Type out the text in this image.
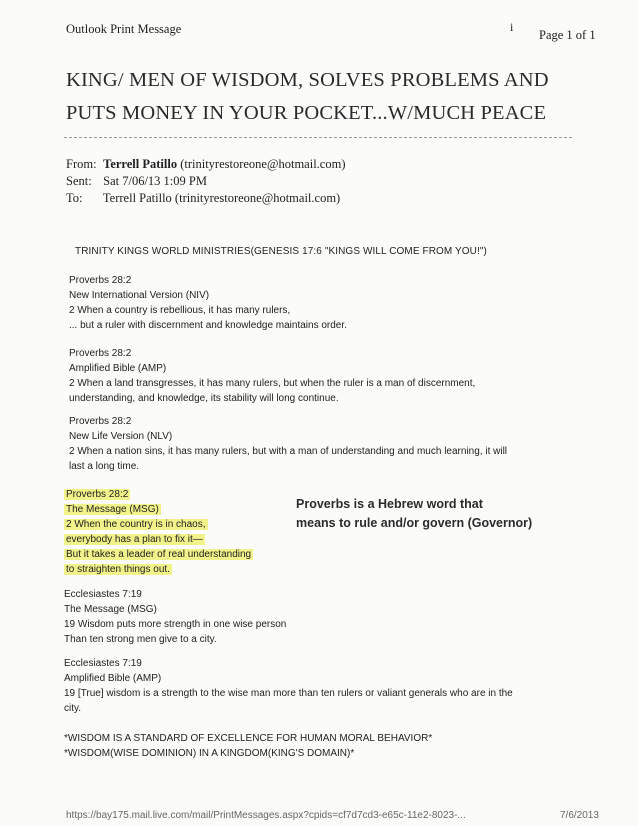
Outlook Print Message	i
Page 1 of 1
KING/ MEN OF WISDOM, SOLVES PROBLEMS AND
PUTS MONEY IN YOUR POCKET...W/MUCH PEACE
From: Terrell Patillo (trinityrestoreone@hotmail.com)
Sent: Sat 7/06/13 1:09 PM
To: Terrell Patillo (trinityrestoreone@hotmail.com)
TRINITY KINGS WORLD MINISTRIES(GENESIS 17:6 "KINGS WILL COME FROM YOU!")
Proverbs 28:2
New International Version (NIV)
2 When a country is rebellious, it has many rulers,
... but a ruler with discernment and knowledge maintains order.
Proverbs 28:2
Amplified Bible (AMP)
2 When a land transgresses, it has many rulers, but when the ruler is a man of discernment,
understanding, and knowledge, its stability will long continue.
Proverbs 28:2
New Life Version (NLV)
2 When a nation sins, it has many rulers, but with a man of understanding and much learning, it will
last a long time.
Proverbs 28:2
The Message (MSG)
2 When the country is in chaos,
everybody has a plan to fix it—
But it takes a leader of real understanding
to straighten things out.
Proverbs is a Hebrew word that
means to rule and/or govern (Governor)
Ecclesiastes 7:19
The Message (MSG)
19 Wisdom puts more strength in one wise person
Than ten strong men give to a city.
Ecclesiastes 7:19
Amplified Bible (AMP)
19 [True] wisdom is a strength to the wise man more than ten rulers or valiant generals who are in the
city.
*WISDOM IS A STANDARD OF EXCELLENCE FOR HUMAN MORAL BEHAVIOR*
*WISDOM(WISE DOMINION) IN A KINGDOM(KING'S DOMAIN)*
https://bay175.mail.live.com/mail/PrintMessages.aspx?cpids=cf7d7cd3-e65c-11e2-8023-...	7/6/2013
